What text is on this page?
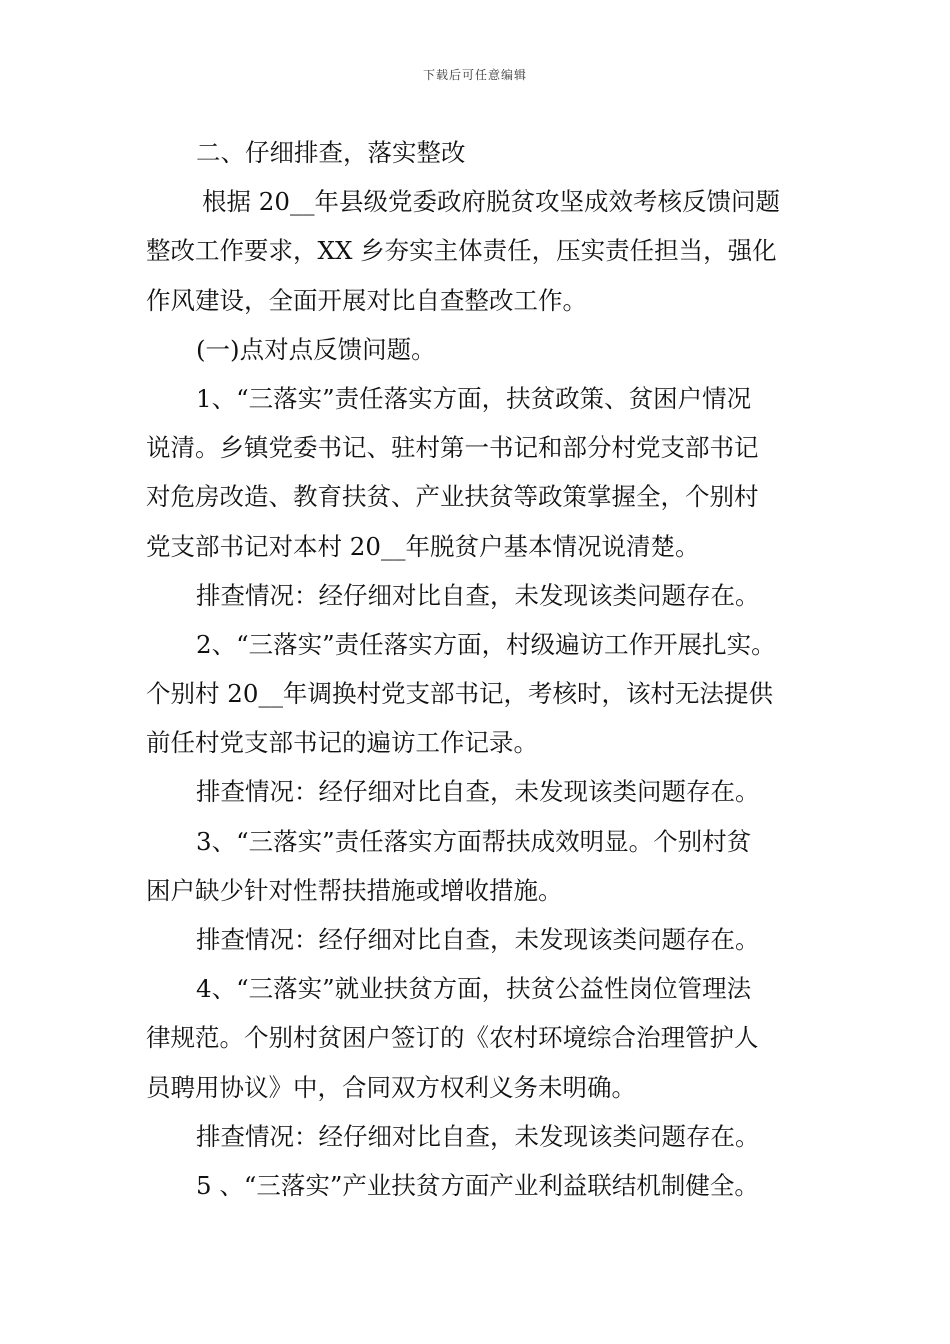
下载后可任意编辑
二、仔细排查，落实整改
根据 20__年县级党委政府脱贫攻坚成效考核反馈问题
整改工作要求，XX 乡夯实主体责任，压实责任担当，强化
作风建设，全面开展对比自查整改工作。
(一)点对点反馈问题。
1、“三落实”责任落实方面，扶贫政策、贫困户情况
说清。乡镇党委书记、驻村第一书记和部分村党支部书记
对危房改造、教育扶贫、产业扶贫等政策掌握全，个别村
党支部书记对本村 20__年脱贫户基本情况说清楚。
排查情况：经仔细对比自查，未发现该类问题存在。
2、“三落实”责任落实方面，村级遍访工作开展扎实。
个别村 20__年调换村党支部书记，考核时，该村无法提供
前任村党支部书记的遍访工作记录。
排查情况：经仔细对比自查，未发现该类问题存在。
3、“三落实”责任落实方面帮扶成效明显。个别村贫
困户缺少针对性帮扶措施或增收措施。
排查情况：经仔细对比自查，未发现该类问题存在。
4、“三落实”就业扶贫方面，扶贫公益性岗位管理法
律规范。个别村贫困户签订的《农村环境综合治理管护人
员聘用协议》中，合同双方权利义务未明确。
排查情况：经仔细对比自查，未发现该类问题存在。
5 、“三落实”产业扶贫方面产业利益联结机制健全。
